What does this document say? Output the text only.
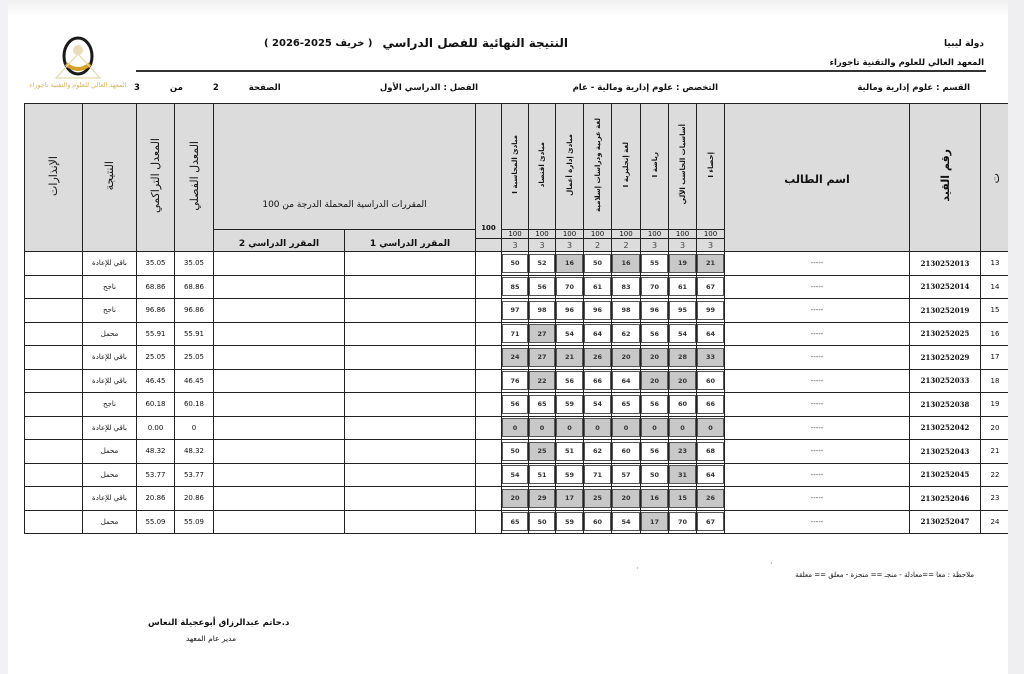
دولة ليبيا
المعهد العالي للعلوم والتقنية تاجوراء
النتيجة النهائية للفصل الدراسي
( خريف 2025-2026 )
المعهد العالي للعلوم والتقنية تاجوراء	القسم : علوم إدارية ومالية
التخصص : علوم إدارية ومالية - عام
الفصل : الدراسي الأول
الصفحة
2
من
3
ت	رقم القيد	اسم الطالب	إحصاء I	أساسيات الحاسب الآلي	رياضة I	لغة إنجليزية I	لغة عربية ودراسات إسلامية	مبادئ إدارة أعمال	مبادئ اقتصاد	مبادئ المحاسبة I	100	المقررات الدراسية المحملة الدرجة من 100		المعدل الفصلي	المعدل التراكمي	النتيجة	الإنذارات
			100	100	100	100	100	100	100	100		المقرر الدراسي 1	المقرر الدراسي 2				
			3	3	3	2	2	3	3	3							
13	2130252013	-----	21	19	55	16	50	16	52	50				35.05	35.05	باقي للإعادة	
14	2130252014	-----	67	61	70	83	61	70	56	85				68.86	68.86	ناجح	
15	2130252019	-----	99	95	96	98	96	96	98	97				96.86	96.86	ناجح	
16	2130252025	-----	64	54	56	62	64	54	27	71				55.91	55.91	محمل	
17	2130252029	-----	33	28	20	20	26	21	27	24				25.05	25.05	باقي للإعادة	
18	2130252033	-----	60	20	20	64	66	56	22	76				46.45	46.45	باقي للإعادة	
19	2130252038	-----	66	60	56	65	54	59	65	56				60.18	60.18	ناجح	
20	2130252042	-----	0	0	0	0	0	0	0	0				0	0.00	باقي للإعادة	
21	2130252043	-----	68	23	56	60	62	51	25	50				48.32	48.32	محمل	
22	2130252045	-----	64	31	50	57	71	59	51	54				53.77	53.77	محمل	
23	2130252046	-----	26	15	16	20	25	17	29	20				20.86	20.86	باقي للإعادة	
24	2130252047	-----	67	70	17	54	60	59	50	65				55.09	55.09	محمل	
·
·
ملاحظة : مغا ==معادلة - منجـ == منجزة - معلق == معلقة
د.حاتم عبدالرزاق أبوعجيلة النعاس
مدير عام المعهد
